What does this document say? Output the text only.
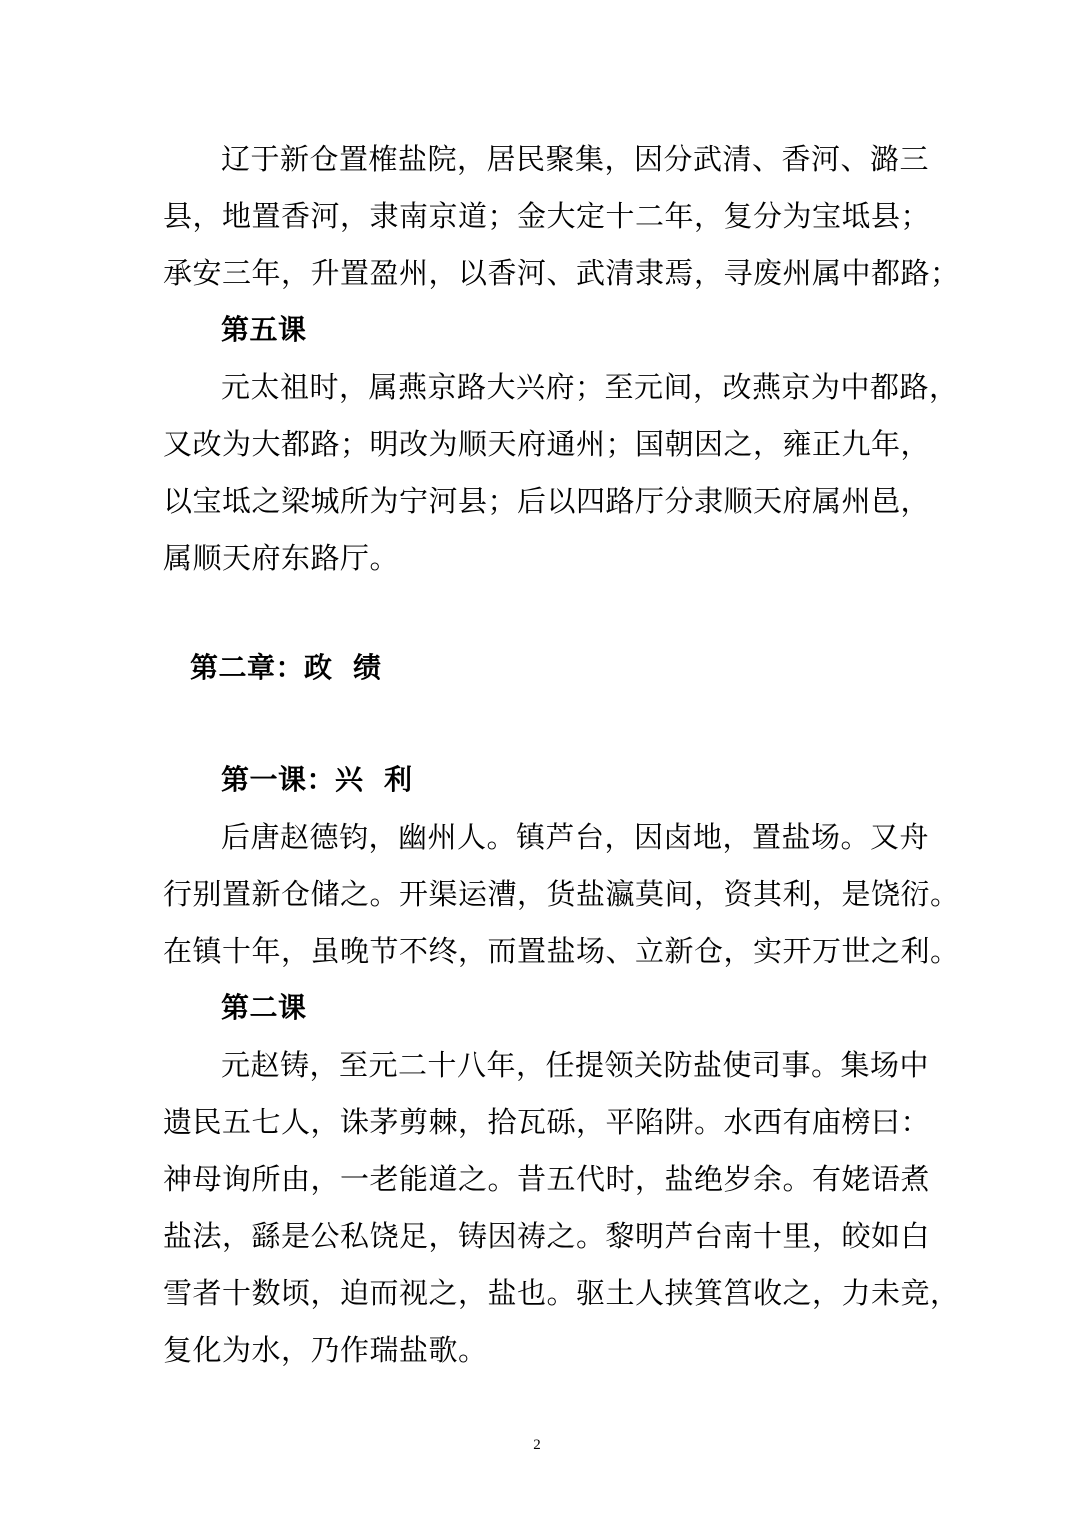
辽于新仓置榷盐院，居民聚集，因分武清、香河、潞三
县，地置香河，隶南京道；金大定十二年，复分为宝坻县；
承安三年，升置盈州，以香河、武清隶焉，寻废州属中都路；
第五课
元太祖时，属燕京路大兴府；至元间，改燕京为中都路，
又改为大都路；明改为顺天府通州；国朝因之，雍正九年，
以宝坻之梁城所为宁河县；后以四路厅分隶顺天府属州邑，
属顺天府东路厅。
第二章：政  绩
第一课：兴  利
后唐赵德钧，幽州人。镇芦台，因卤地，置盐场。又舟
行别置新仓储之。开渠运漕，货盐瀛莫间，资其利，是饶衍。
在镇十年，虽晚节不终，而置盐场、立新仓，实开万世之利。
第二课
元赵铸，至元二十八年，任提领关防盐使司事。集场中
遗民五七人，诛茅剪棘，拾瓦砾，平陷阱。水西有庙榜曰：
神母询所由，一老能道之。昔五代时，盐绝岁余。有姥语煮
盐法，繇是公私饶足，铸因祷之。黎明芦台南十里，皎如白
雪者十数顷，迫而视之，盐也。驱土人挟箕筥收之，力未竞，
复化为水，乃作瑞盐歌。
2
